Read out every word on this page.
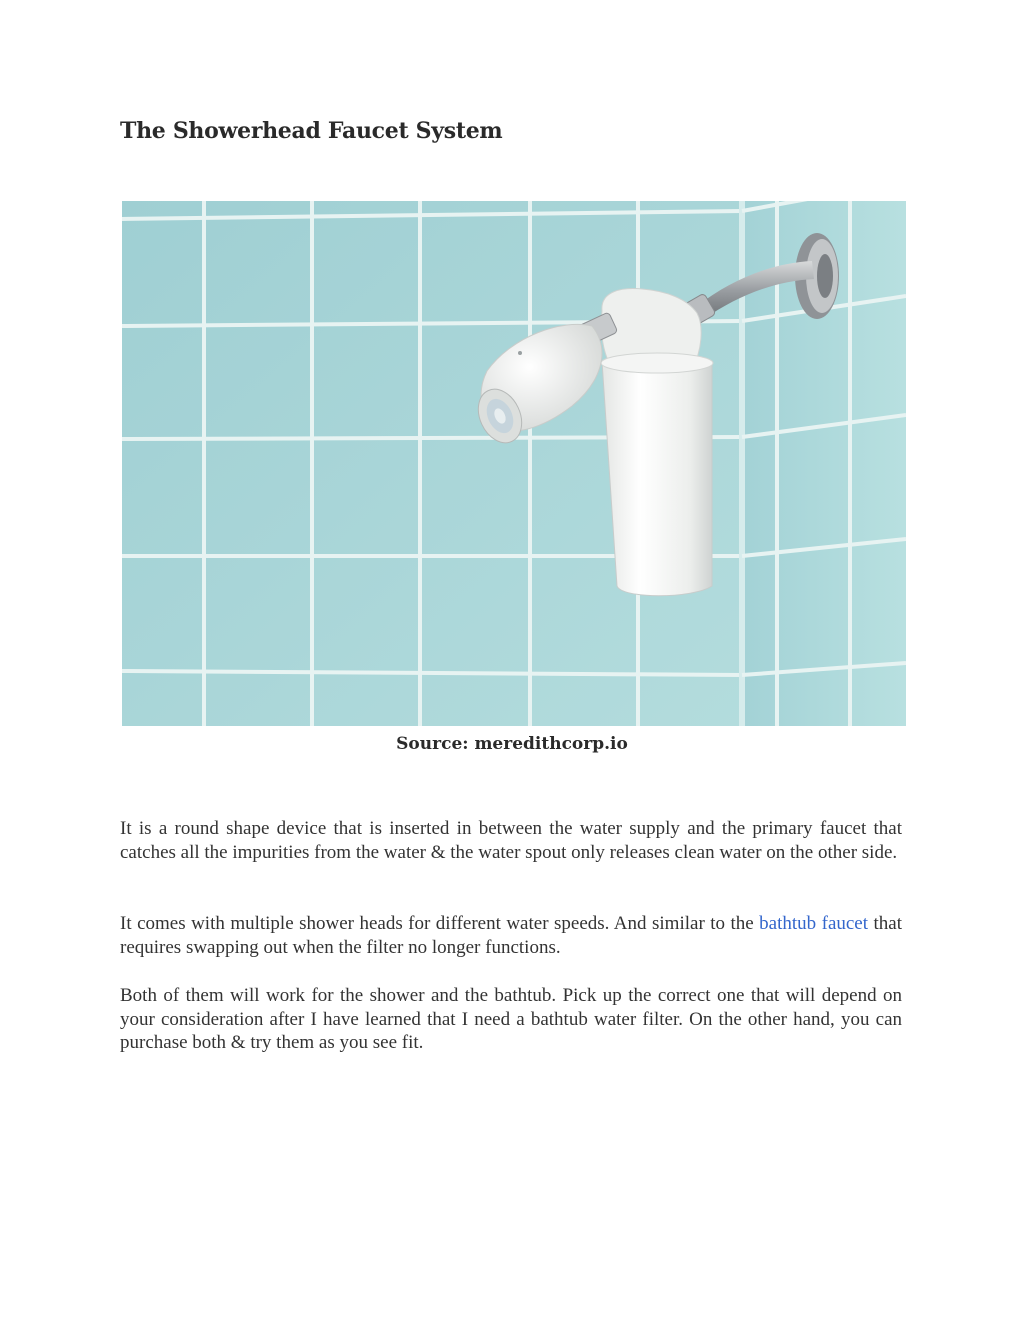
The Showerhead Faucet System
Source: meredithcorp.io

It is a round shape device that is inserted in between the water supply and the primary faucet that catches all the impurities from the water & the water spout only releases clean water on the other side.

It comes with multiple shower heads for different water speeds. And similar to the bathtub faucet that requires swapping out when the filter no longer functions.

Both of them will work for the shower and the bathtub. Pick up the correct one that will depend on your consideration after I have learned that I need a bathtub water filter. On the other hand, you can purchase both & try them as you see fit.
